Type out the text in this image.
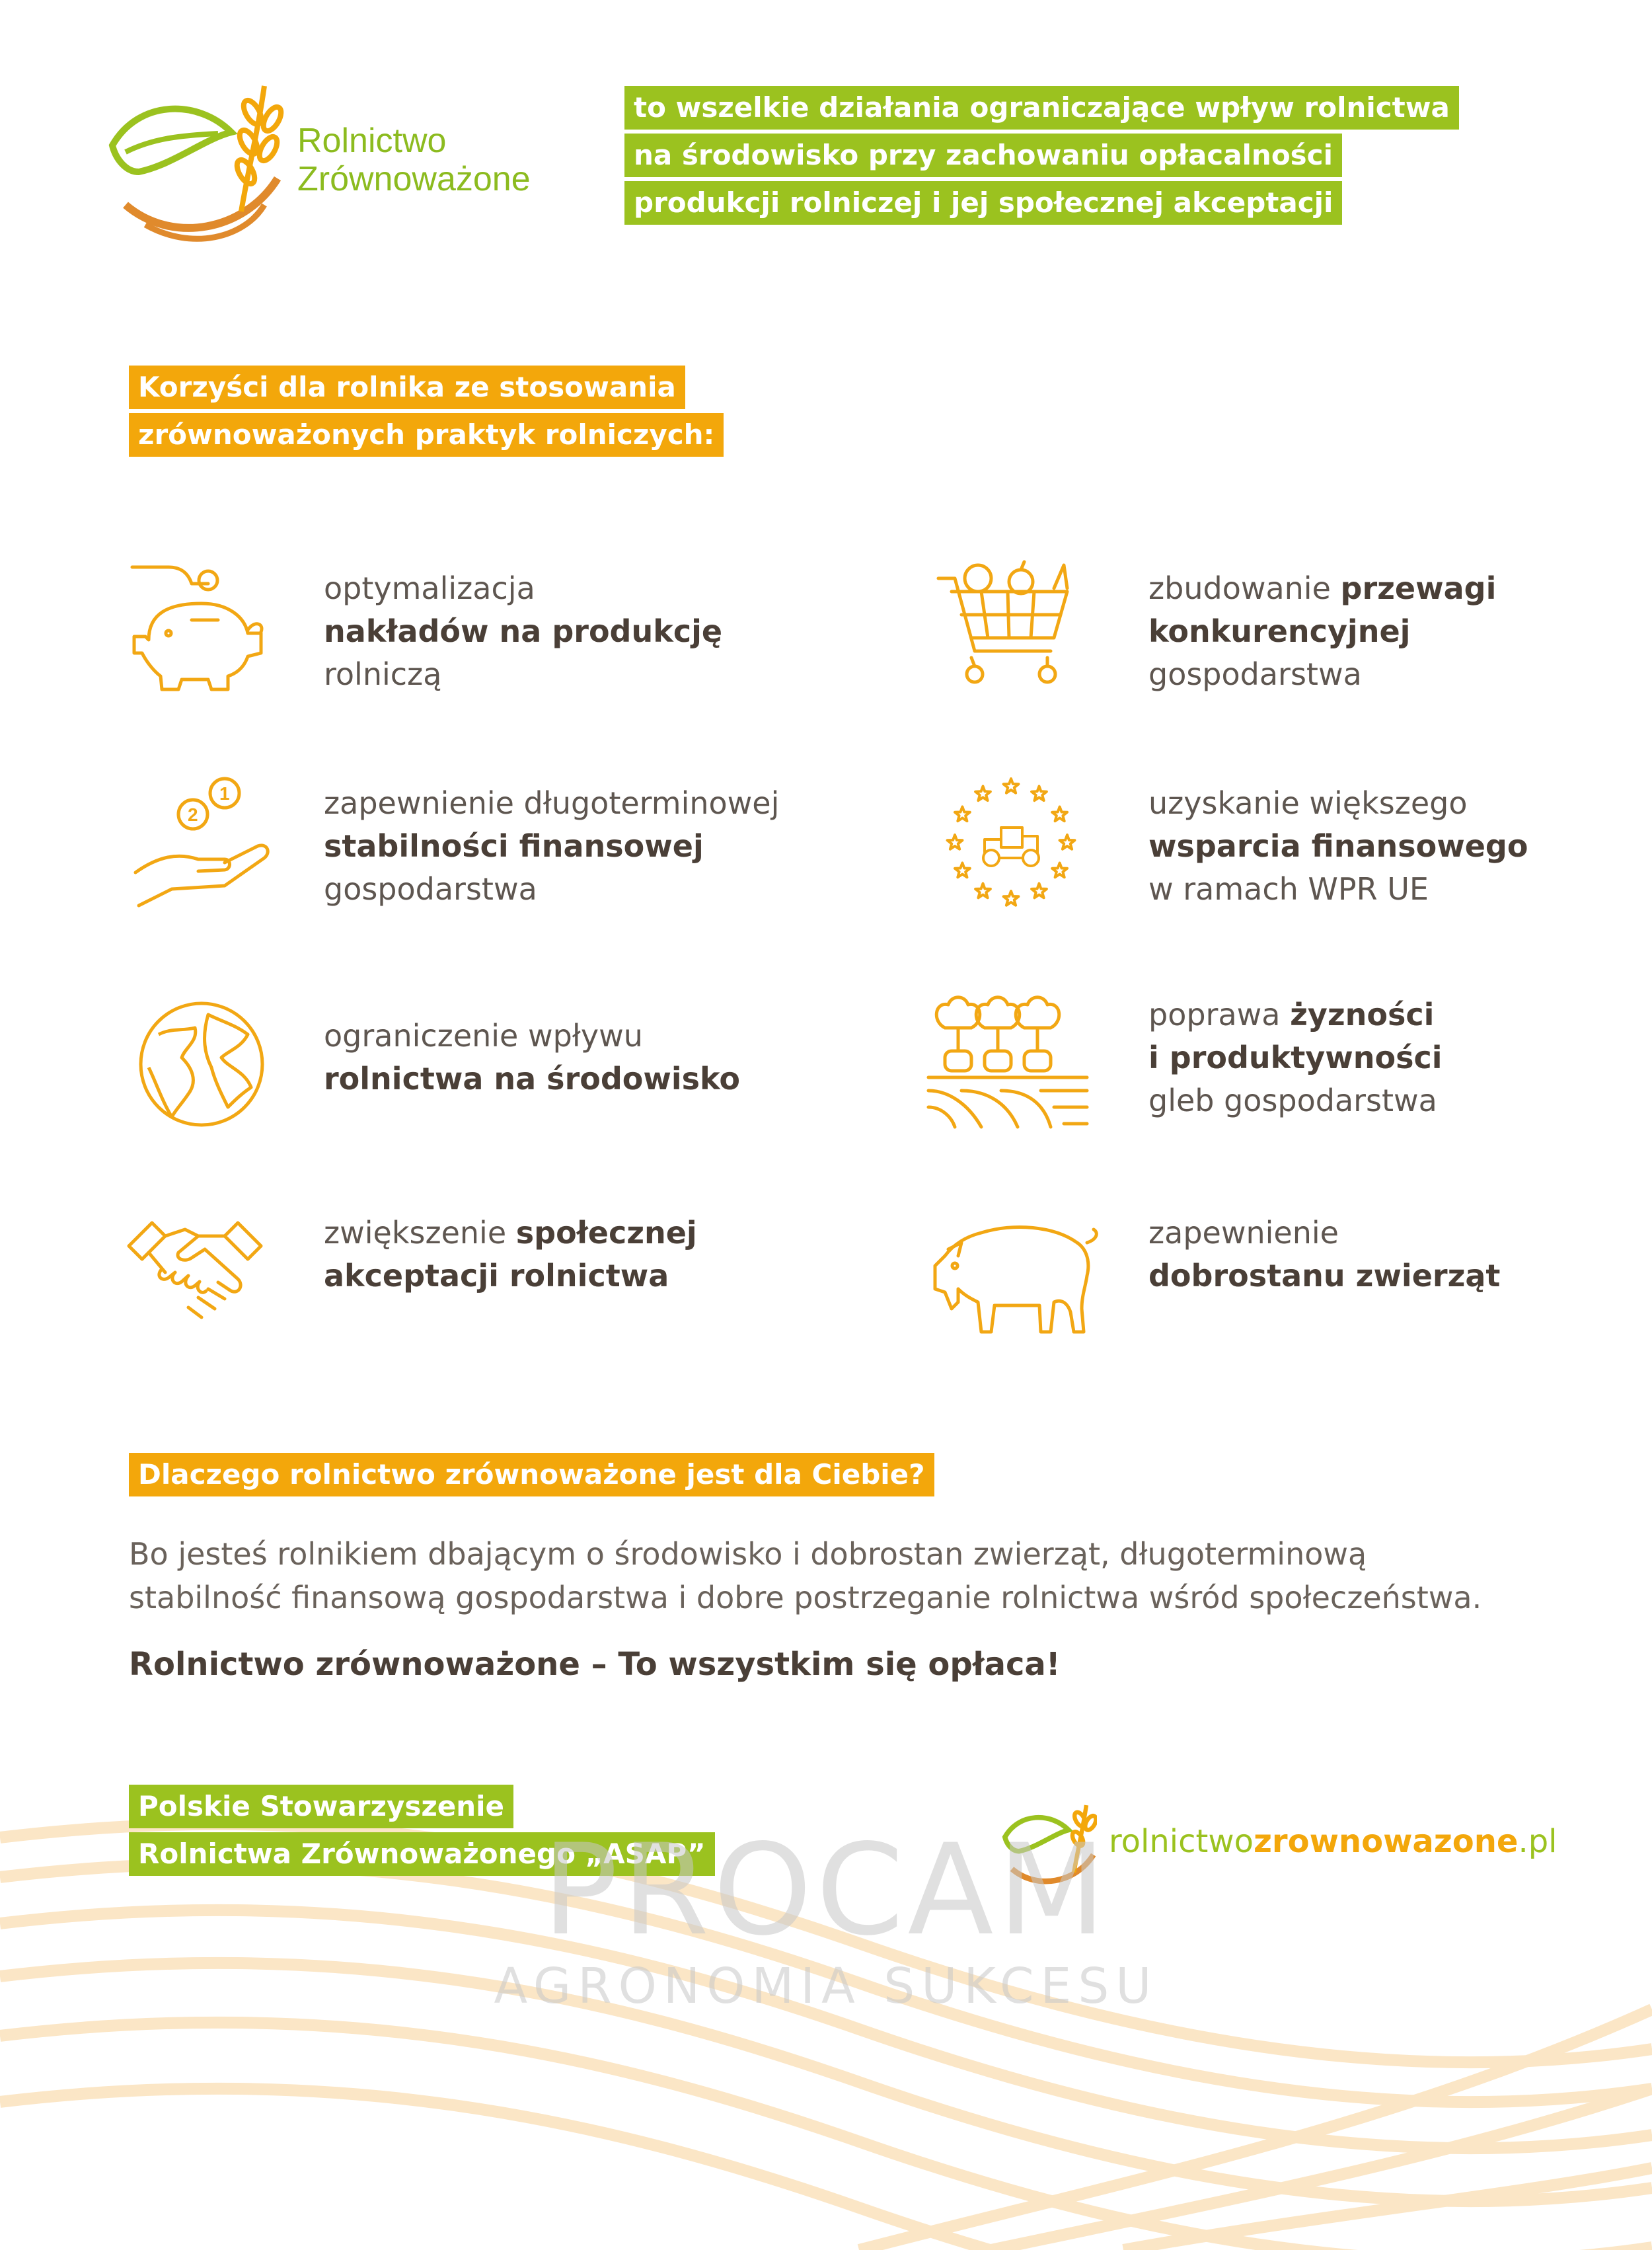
Rolnictwo
Zrównoważone
to wszelkie działania ograniczające wpływ rolnictwa
na środowisko przy zachowaniu opłacalności
produkcji rolniczej i jej społecznej akceptacji
Korzyści dla rolnika ze stosowania
zrównoważonych praktyk rolniczych:
optymalizacja
nakładów na produkcję
rolniczą
zbudowanie przewagi
konkurencyjnej
gospodarstwa
1
2	zapewnienie długoterminowej
stabilności finansowej
gospodarstwa
uzyskanie większego
wsparcia finansowego
w ramach WPR UE
ograniczenie wpływu
rolnictwa na środowisko
poprawa żyzności
i produktywności
gleb gospodarstwa
zwiększenie społecznej
akceptacji rolnictwa
zapewnienie
dobrostanu zwierząt
Dlaczego rolnictwo zrównoważone jest dla Ciebie?
Bo jesteś rolnikiem dbającym o środowisko i dobrostan zwierząt, długoterminową
stabilność finansową gospodarstwa i dobre postrzeganie rolnictwa wśród społeczeństwa.
Rolnictwo zrównoważone – To wszystkim się opłaca!
Polskie Stowarzyszenie
Rolnictwa Zrównoważonego „ASAP”	rolnictwozrownowazone.pl
PROCAM
AGRONOMIA SUKCESU
